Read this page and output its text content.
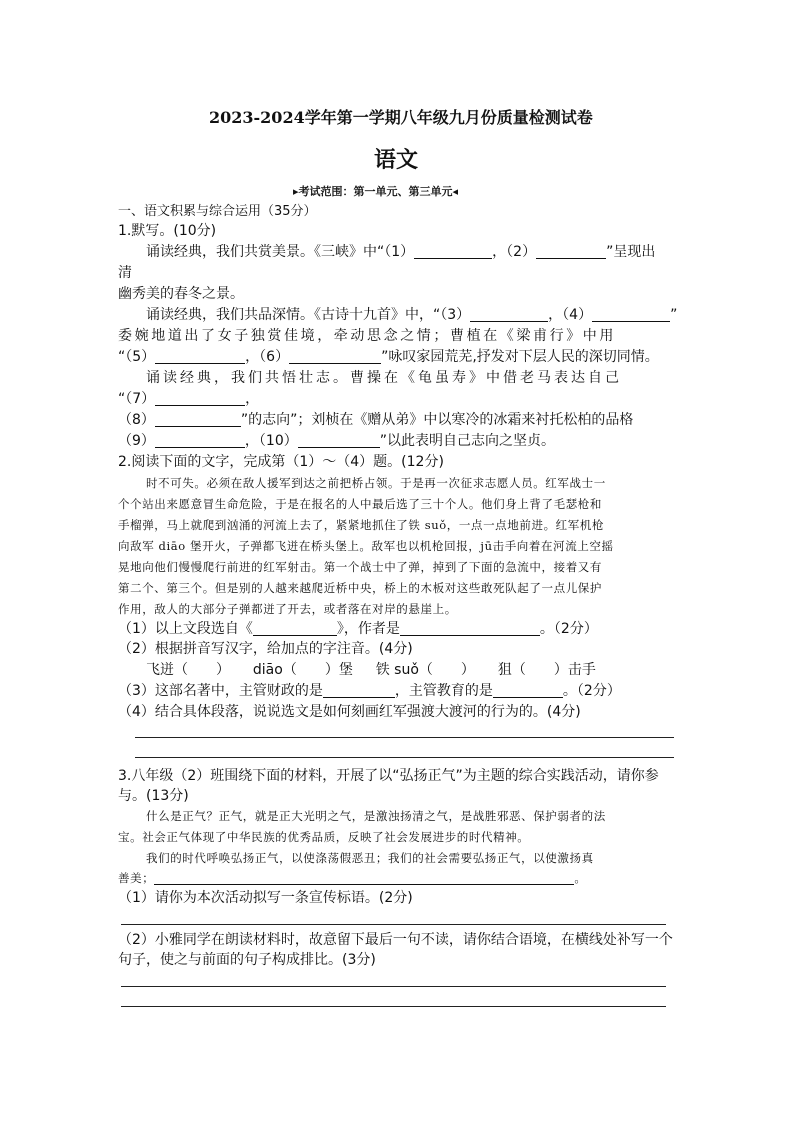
2023-2024学年第一学期八年级九月份质量检测试卷
语文
▸考试范围：第一单元、第三单元◂
一、语文积累与综合运用（35分）
1.默写。(10分)
诵读经典，我们共赏美景。《三峡》中“（1）	，（2）	”呈现出
清
幽秀美的春冬之景。
诵读经典，我们共品深情。《古诗十九首》中，“（3）	，（4）	”
委婉地道出了女子独赏佳境，牵动思念之情；曹植在《梁甫行》中用
“（5）	，（6）	”咏叹家园荒芜,抒发对下层人民的深切同情。
诵读经典，我们共悟壮志。曹操在《龟虽寿》中借老马表达自己
“（7）	，
（8）	”的志向”；刘桢在《赠从弟》中以寒冷的冰霜来衬托松柏的品格
（9）	，（10）	”以此表明自己志向之坚贞。
2.阅读下面的文字，完成第（1）～（4）题。(12分)
时不可失。必须在敌人援军到达之前把桥占领。于是再一次征求志愿人员。红军战士一
个个站出来愿意冒生命危险，于是在报名的人中最后选了三十个人。他们身上背了毛瑟枪和
手榴弹，马上就爬到汹涌的河流上去了，紧紧地抓住了铁 suǒ，一点一点地前进。红军机枪
向敌军 diāo 堡开火，子弹都飞迸在桥头堡上。敌军也以机枪回报，jū击手向着在河流上空摇
晃地向他们慢慢爬行前进的红军射击。第一个战士中了弹，掉到了下面的急流中，接着又有
第二个、第三个。但是别的人越来越爬近桥中央，桥上的木板对这些敢死队起了一点儿保护
作用，敌人的大部分子弹都迸了开去，或者落在对岸的悬崖上。
（1）以上文段选自《	》，作者是	。（2分）
（2）根据拼音写汉字，给加点的字注音。(4分)
飞迸（　　） diāo（　　）堡 铁 suǒ（　　） 狙（　　）击手
（3）这部名著中，主管财政的是	，主管教育的是	。（2分）
（4）结合具体段落，说说选文是如何刻画红军强渡大渡河的行为的。(4分)
3.八年级（2）班围绕下面的材料，开展了以“弘扬正气”为主题的综合实践活动，请你参
与。(13分)
什么是正气？正气，就是正大光明之气，是激浊扬清之气，是战胜邪恶、保护弱者的法
宝。社会正气体现了中华民族的优秀品质，反映了社会发展进步的时代精神。
我们的时代呼唤弘扬正气，以使涤荡假恶丑；我们的社会需要弘扬正气，以使激扬真
善美；	。
（1）请你为本次活动拟写一条宣传标语。(2分)
（2）小雅同学在朗读材料时，故意留下最后一句不读，请你结合语境，在横线处补写一个
句子，使之与前面的句子构成排比。(3分)
